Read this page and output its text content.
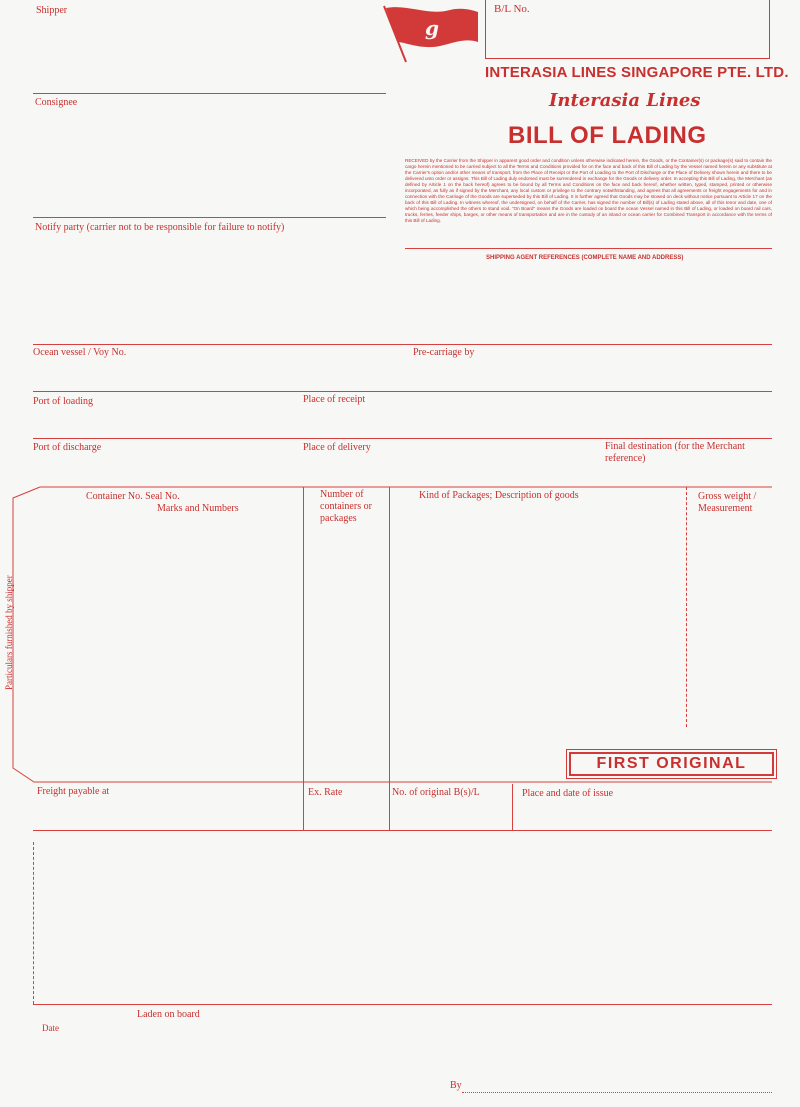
Shipper
g
B/L No.
INTERASIA LINES SINGAPORE PTE. LTD.
Interasia Lines
BILL OF LADING
RECEIVED by the Carrier from the Shipper in apparent good order and condition unless otherwise indicated herein, the Goods, or the Container(s) or package(s) said to contain the cargo herein mentioned to be carried subject to all the Terms and Conditions provided for on the face and back of this Bill of Lading by the Vessel named herein or any substitute at the Carrier's option and/or other means of transport, from the Place of Receipt or the Port of Loading to the Port of Discharge or the Place of Delivery shown herein and there to be delivered unto order or assigns. This Bill of Lading duly endorsed must be surrendered in exchange for the Goods or delivery order. In accepting this Bill of Lading, the Merchant (as defined by Article 1 on the back hereof) agrees to be bound by all Terms and Conditions on the face and back hereof, whether written, typed, stamped, printed or otherwise incorporated, as fully as if signed by the Merchant, any local custom or privilege to the contrary notwithstanding, and agrees that all agreements or freight engagements for and in connection with the Carriage of the Goods are superseded by this Bill of Lading. It is further agreed that Goods may be stowed on deck without notice pursuant to Article 17 on the back of this Bill of Lading. In witness whereof, the undersigned, on behalf of the Carrier, has signed the number of Bill(s) of Lading stated above, all of this tenor and date, one of which being accomplished the others to stand void. "On Board" means the Goods are loaded on board the ocean Vessel named in this Bill of Lading, or loaded on board rail cars, trucks, ferries, feeder ships, barges, or other means of transportation and are in the custody of an inland or ocean carrier for Combined Transport in accordance with the terms of this Bill of Lading.
SHIPPING AGENT REFERENCES (COMPLETE NAME AND ADDRESS)
Consignee
Notify party (carrier not to be responsible for failure to notify)
Ocean vessel / Voy No.	Pre-carriage by
Port of loading	Place of receipt
Port of discharge	Place of delivery	Final destination (for the Merchant reference)
Particulars furnished by shipper
Container No. Seal No.
Marks and Numbers
Number of containers or packages
Kind of Packages; Description of goods	Gross weight / Measurement
FIRST ORIGINAL
Freight payable at	Ex. Rate	No. of original B(s)/L	Place and date of issue
Laden on board
Date
By
